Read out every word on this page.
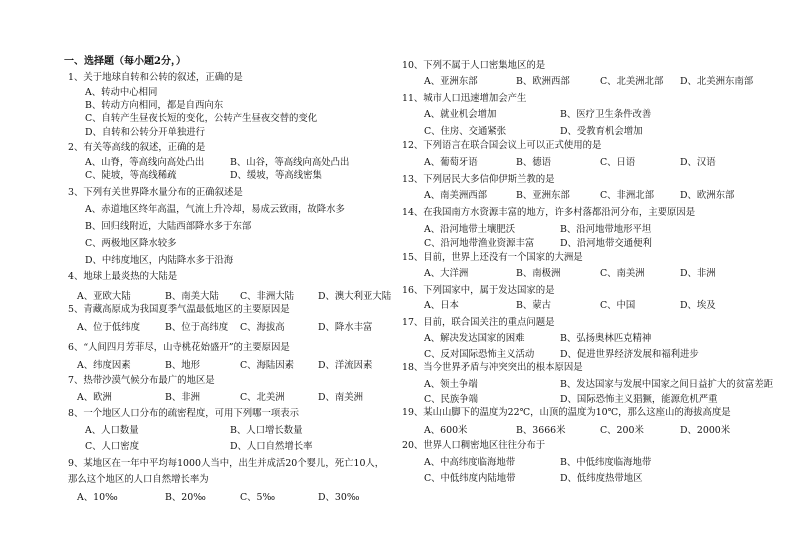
一、选择题（每小题2分，）
1、关于地球自转和公转的叙述，正确的是
A、转动中心相同
B、转动方向相同，都是自西向东
C、自转产生昼夜长短的变化，公转产生昼夜交替的变化
D、自转和公转分开单独进行
2、有关等高线的叙述，正确的是
A、山脊，等高线向高处凸出	B、山谷，等高线向高处凸出
C、陡坡，等高线稀疏	D、缓坡，等高线密集
3、下列有关世界降水量分布的正确叙述是
A、赤道地区终年高温，气流上升冷却，易成云致雨，故降水多
B、回归线附近，大陆西部降水多于东部
C、两极地区降水较多
D、中纬度地区，内陆降水多于沿海
4、地球上最炎热的大陆是
A、亚欧大陆	B、南美大陆 C、非洲大陆	D、澳大利亚大陆
5、青藏高原成为我国夏季气温最低地区的主要原因是
A、位于低纬度	B、位于高纬度 C、海拔高	D、降水丰富
6、“人间四月芳菲尽，山寺桃花始盛开”的主要原因是
A、纬度因素	B、地形	C、海陆因素	D、洋流因素
7、热带沙漠气候分布最广的地区是
A、欧洲	B、非洲	C、北美洲	D、南美洲
8、一个地区人口分布的疏密程度，可用下列哪一项表示
A、人口数量	B、人口增长数量
C、人口密度	D、人口自然增长率
9、某地区在一年中平均每1000人当中，出生并成活20个婴儿，死亡10人，
那么这个地区的人口自然增长率为
A、10‰	B、20‰	C、5‰	D、30‰
10、下列不属于人口密集地区的是
A、亚洲东部	B、欧洲西部	C、北美洲北部 D、北美洲东南部
11、城市人口迅速增加会产生
A、就业机会增加	B、医疗卫生条件改善
C、住房、交通紧张	D、受教育机会增加
12、下列语言在联合国会议上可以正式使用的是
A、葡萄牙语	B、德语	C、日语	D、汉语
13、下列居民大多信仰伊斯兰教的是
A、南美洲西部	B、亚洲东部	C、非洲北部	D、欧洲东部
14、在我国南方水资源丰富的地方，许多村落都沿河分布，主要原因是
A、沿河地带土壤肥沃	B、沿河地带地形平坦
C、沿河地带渔业资源丰富	D、沿河地带交通便利
15、目前，世界上还没有一个国家的大洲是
A、大洋洲	B、南极洲	C、南美洲	D、非洲
16、下列国家中，属于发达国家的是
A、日本	B、蒙古	C、中国	D、埃及
17、目前，联合国关注的重点问题是
A、解决发达国家的困难	B、弘扬奥林匹克精神
C、反对国际恐怖主义活动	D、促进世界经济发展和福利进步
18、当今世界矛盾与冲突突出的根本原因是
A、领土争端	B、发达国家与发展中国家之间日益扩大的贫富差距
C、民族争端	D、国际恐怖主义猖獗，能源危机严重
19、某山山脚下的温度为22℃，山顶的温度为10℃，那么这座山的海拔高度是
A、600米	B、3666米	C、200米	D、2000米
20、世界人口稠密地区往往分布于
A、中高纬度临海地带	B、中低纬度临海地带
C、中低纬度内陆地带	D、低纬度热带地区
